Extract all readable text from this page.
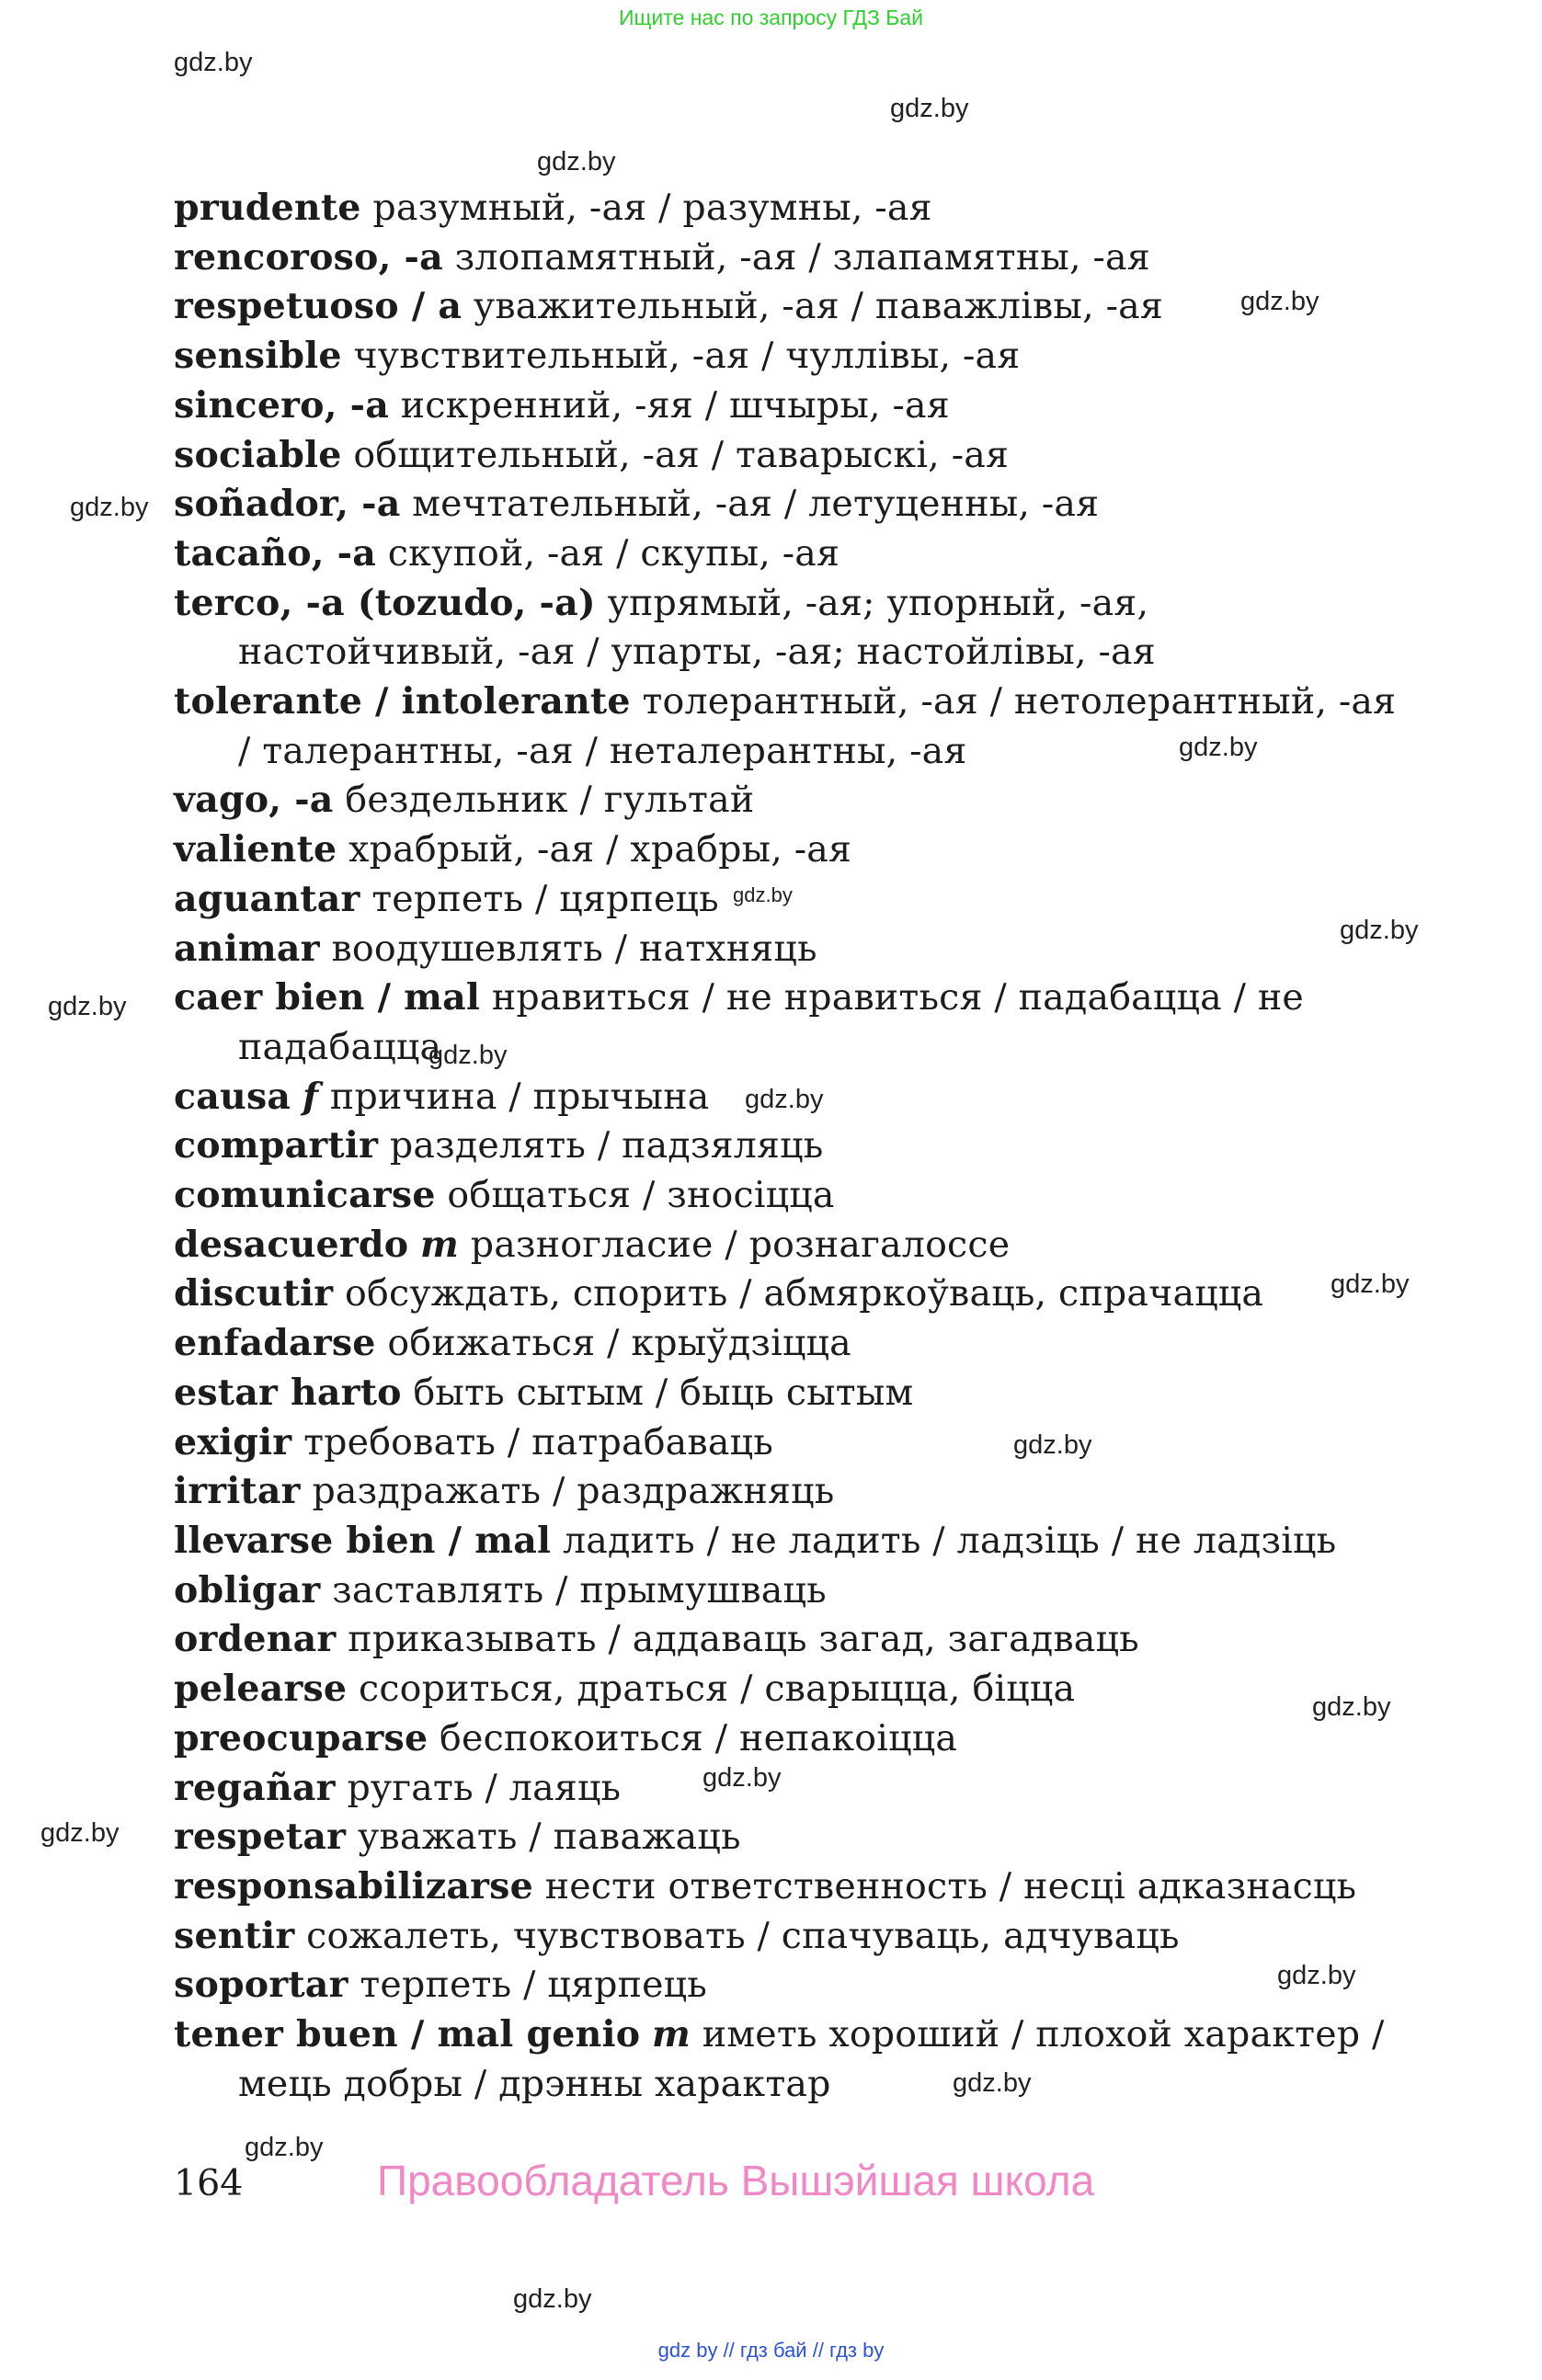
Ищите нас по запросу ГДЗ Бай
gdz.by
gdz.by
gdz.by
gdz.by
gdz.by
gdz.by
gdz.by
gdz.by
gdz.by
gdz.by
gdz.by
gdz.by
gdz.by
gdz.by
gdz.by
gdz.by
gdz.by
gdz.by
gdz.by
gdz.by
prudente разумный, -ая / разумны, -ая
rencoroso, -a злопамятный, -ая / злапамятны, -ая
respetuoso / a уважительный, -ая / паважлівы, -ая
sensible чувствительный, -ая / чуллівы, -ая
sincero, -a искренний, -яя / шчыры, -ая
sociable общительный, -ая / таварыскі, -ая
soñador, -a мечтательный, -ая / летуценны, -ая
tacaño, -a скупой, -ая / скупы, -ая
terco, -a (tozudo, -a) упрямый, -ая; упорный, -ая, настойчивый, -ая / упарты, -ая; настойлівы, -ая
tolerante / intolerante толерантный, -ая / нетолерантный, -ая / талерантны, -ая / неталерантны, -ая
vago, -a бездельник / гультай
valiente храбрый, -ая / храбры, -ая
aguantar терпеть / цярпець
animar воодушевлять / натхняць
caer bien / mal нравиться / не нравиться / падабацца / не падабацца
causa f причина / прычына
compartir разделять / падзяляць
comunicarse общаться / зносіцца
desacuerdo m разногласие / рознагалоссе
discutir обсуждать, спорить / абмяркоўваць, спрачацца
enfadarse обижаться / крыўдзіцца
estar harto быть сытым / быць сытым
exigir требовать / патрабаваць
irritar раздражать / раздражняць
llevarse bien / mal ладить / не ладить / ладзіць / не ладзіць
obligar заставлять / прымушваць
ordenar приказывать / аддаваць загад, загадваць
pelearse ссориться, драться / сварыцца, біцца
preocuparse беспокоиться / непакоіцца
regañar ругать / лаяць
respetar уважать / паважаць
responsabilizarse нести ответственность / несці адказнасць
sentir сожалеть, чувствовать / спачуваць, адчуваць
soportar терпеть / цярпець
tener buen / mal genio m иметь хороший / плохой характер / мець добры / дрэнны характар
164	Правообладатель Вышэйшая школа
gdz by // гдз бай // гдз by
